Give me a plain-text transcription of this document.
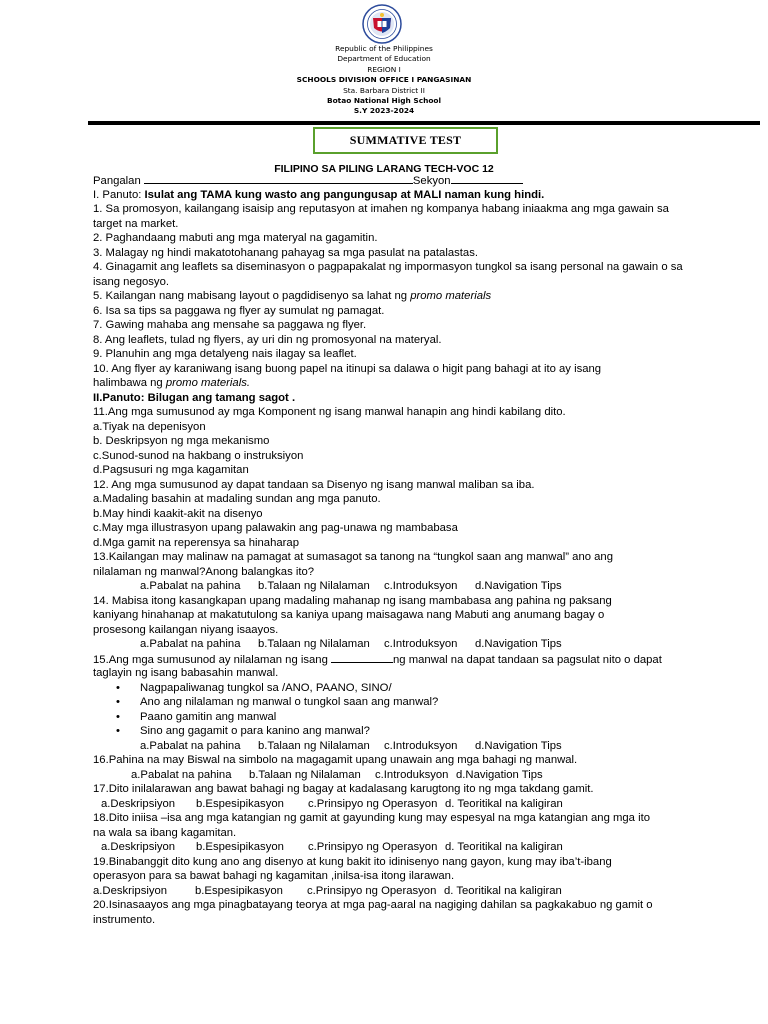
Republic of the Philippines
Department of Education
REGION I
SCHOOLS DIVISION OFFICE I PANGASINAN
Sta. Barbara District II
Botao National High School
S.Y 2023-2024
SUMMATIVE TEST
FILIPINO SA PILING LARANG TECH-VOC 12
Pangalan	Sekyon
I. Panuto: Isulat ang TAMA kung wasto ang pangungusap at MALI naman kung hindi.
1. Sa promosyon, kailangang isaisip ang reputasyon at imahen ng kompanya habang iniaakma ang mga gawain sa target na market.
2. Paghandaang mabuti ang mga materyal na gagamitin.
3. Malagay ng hindi makatotohanang pahayag sa mga pasulat na patalastas.
4. Ginagamit ang leaflets sa diseminasyon o pagpapakalat ng impormasyon tungkol sa isang personal na gawain o sa isang negosyo.
5. Kailangan nang mabisang layout o pagdidisenyo sa lahat ng promo materials
6. Isa sa tips sa paggawa ng flyer ay sumulat ng pamagat.
7. Gawing mahaba ang mensahe sa paggawa ng flyer.
8. Ang leaflets, tulad ng flyers, ay uri din ng promosyonal na materyal.
9. Planuhin ang mga detalyeng nais ilagay sa leaflet.
10. Ang flyer ay karaniwang isang buong papel na itinupi sa dalawa o higit pang bahagi at ito ay isang
halimbawa ng promo materials.
II.Panuto: Bilugan ang tamang sagot .
11.Ang mga sumusunod ay mga Komponent ng isang manwal hanapin ang hindi kabilang dito.
a.Tiyak na depenisyon
b. Deskripsyon ng mga mekanismo
c.Sunod-sunod na hakbang o instruksiyon
d.Pagsusuri ng mga kagamitan
12. Ang mga sumusunod ay dapat tandaan sa Disenyo ng isang manwal maliban sa iba.
a.Madaling basahin at madaling sundan ang mga panuto.
b.May hindi kaakit-akit na disenyo
c.May mga illustrasyon upang palawakin ang pag-unawa ng mambabasa
d.Mga gamit na reperensya sa hinaharap
13.Kailangan may malinaw na pamagat at sumasagot sa tanong na “tungkol saan ang manwal” ano ang
nilalaman ng manwal?Anong balangkas ito?
a.Pabalat na pahina b.Talaan ng Nilalaman c.Introduksyon d.Navigation Tips
14. Mabisa itong kasangkapan upang madaling mahanap ng isang mambabasa ang pahina ng paksang
kaniyang hinahanap at makatutulong sa kaniya upang maisagawa nang Mabuti ang anumang bagay o
prosesong kailangan niyang isaayos.
a.Pabalat na pahina b.Talaan ng Nilalaman c.Introduksyon d.Navigation Tips
15.Ang mga sumusunod ay nilalaman ng isang	ng manwal na dapat tandaan sa pagsulat nito o dapat
taglayin ng isang babasahin manwal.
• Nagpapaliwanag tungkol sa /ANO, PAANO, SINO/
• Ano ang nilalaman ng manwal o tungkol saan ang manwal?
• Paano gamitin ang manwal
• Sino ang gagamit o para kanino ang manwal?
a.Pabalat na pahina b.Talaan ng Nilalaman c.Introduksyon d.Navigation Tips
16.Pahina na may Biswal na simbolo na magagamit upang unawain ang mga bahagi ng manwal.
a.Pabalat na pahina b.Talaan ng Nilalaman c.Introduksyon d.Navigation Tips
17.Dito inilalarawan ang bawat bahagi ng bagay at kadalasang karugtong ito ng mga takdang gamit.
a.Deskripsiyon b.Espesipikasyon c.Prinsipyo ng Operasyon d. Teoritikal na kaligiran
18.Dito iniisa –isa ang mga katangian ng gamit at gayunding kung may espesyal na mga katangian ang mga ito
na wala sa ibang kagamitan.
a.Deskripsiyon b.Espesipikasyon c.Prinsipyo ng Operasyon d. Teoritikal na kaligiran
19.Binabanggit dito kung ano ang disenyo at kung bakit ito idinisenyo nang gayon, kung may iba’t-ibang
operasyon para sa bawat bahagi ng kagamitan ,inilsa-isa itong ilarawan.
a.Deskripsiyon b.Espesipikasyon c.Prinsipyo ng Operasyon d. Teoritikal na kaligiran
20.Isinasaayos ang mga pinagbatayang teorya at mga pag-aaral na nagiging dahilan sa pagkakabuo ng gamit o
instrumento.
